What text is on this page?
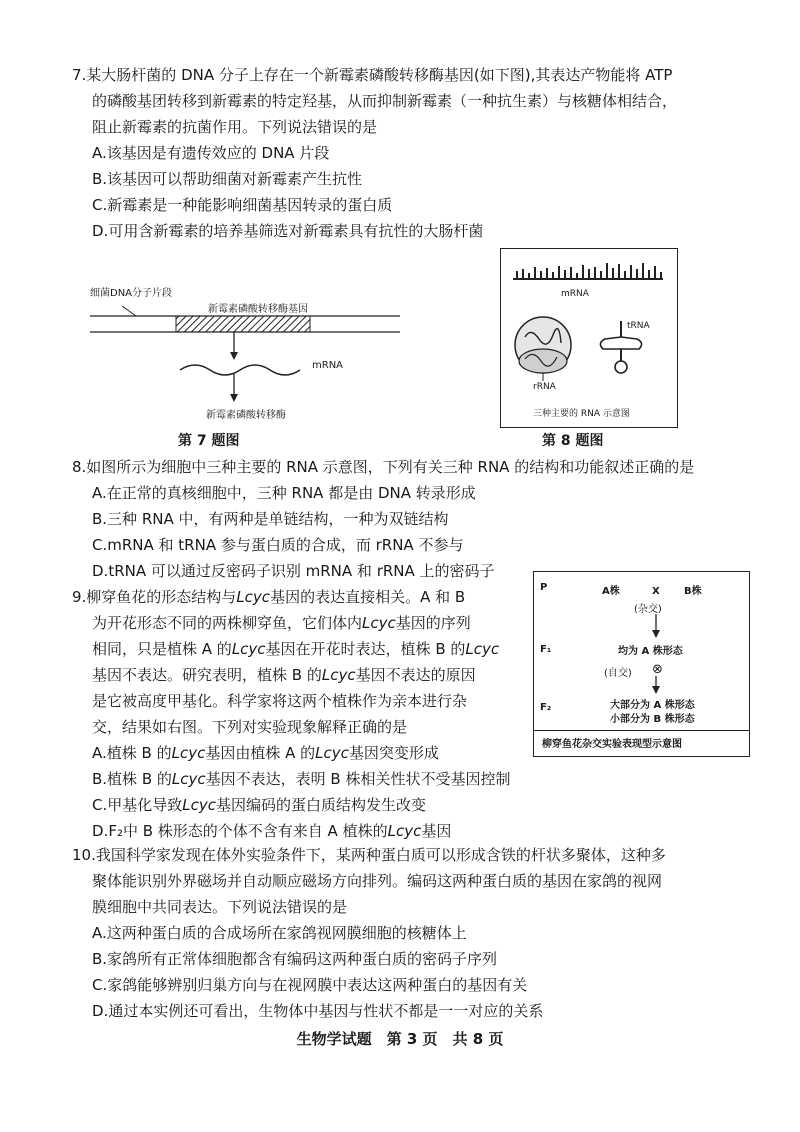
7.某大肠杆菌的 DNA 分子上存在一个新霉素磷酸转移酶基因(如下图),其表达产物能将 ATP
的磷酸基团转移到新霉素的特定羟基，从而抑制新霉素（一种抗生素）与核糖体相结合，
阻止新霉素的抗菌作用。下列说法错误的是
A.该基因是有遗传效应的 DNA 片段
B.该基因可以帮助细菌对新霉素产生抗性
C.新霉素是一种能影响细菌基因转录的蛋白质
D.可用含新霉素的培养基筛选对新霉素具有抗性的大肠杆菌
细菌DNA分子片段
新霉素磷酸转移酶基因
mRNA
新霉素磷酸转移酶
第 7 题图
mRNA
tRNA
rRNA
三种主要的 RNA 示意图
第 8 题图
8.如图所示为细胞中三种主要的 RNA 示意图，下列有关三种 RNA 的结构和功能叙述正确的是
A.在正常的真核细胞中，三种 RNA 都是由 DNA 转录形成
B.三种 RNA 中，有两种是单链结构，一种为双链结构
C.mRNA 和 tRNA 参与蛋白质的合成，而 rRNA 不参与
D.tRNA 可以通过反密码子识别 mRNA 和 rRNA 上的密码子
9.柳穿鱼花的形态结构与Lcyc基因的表达直接相关。A 和 B
为开花形态不同的两株柳穿鱼，它们体内Lcyc基因的序列
相同，只是植株 A 的Lcyc基因在开花时表达，植株 B 的Lcyc
基因不表达。研究表明，植株 B 的Lcyc基因不表达的原因
是它被高度甲基化。科学家将这两个植株作为亲本进行杂
交，结果如右图。下列对实验现象解释正确的是
A.植株 B 的Lcyc基因由植株 A 的Lcyc基因突变形成
B.植株 B 的Lcyc基因不表达，表明 B 株相关性状不受基因控制
C.甲基化导致Lcyc基因编码的蛋白质结构发生改变
D.F₂中 B 株形态的个体不含有来自 A 植株的Lcyc基因
P	A株	X B株
(杂交)
F₁	均为 A 株形态
(自交) ⊗
F₂	大部分为 A 株形态
小部分为 B 株形态
柳穿鱼花杂交实验表现型示意图
10.我国科学家发现在体外实验条件下，某两种蛋白质可以形成含铁的杆状多聚体，这种多
聚体能识别外界磁场并自动顺应磁场方向排列。编码这两种蛋白质的基因在家鸽的视网
膜细胞中共同表达。下列说法错误的是
A.这两种蛋白质的合成场所在家鸽视网膜细胞的核糖体上
B.家鸽所有正常体细胞都含有编码这两种蛋白质的密码子序列
C.家鸽能够辨别归巢方向与在视网膜中表达这两种蛋白的基因有关
D.通过本实例还可看出，生物体中基因与性状不都是一一对应的关系
生物学试题　第 3 页　共 8 页
